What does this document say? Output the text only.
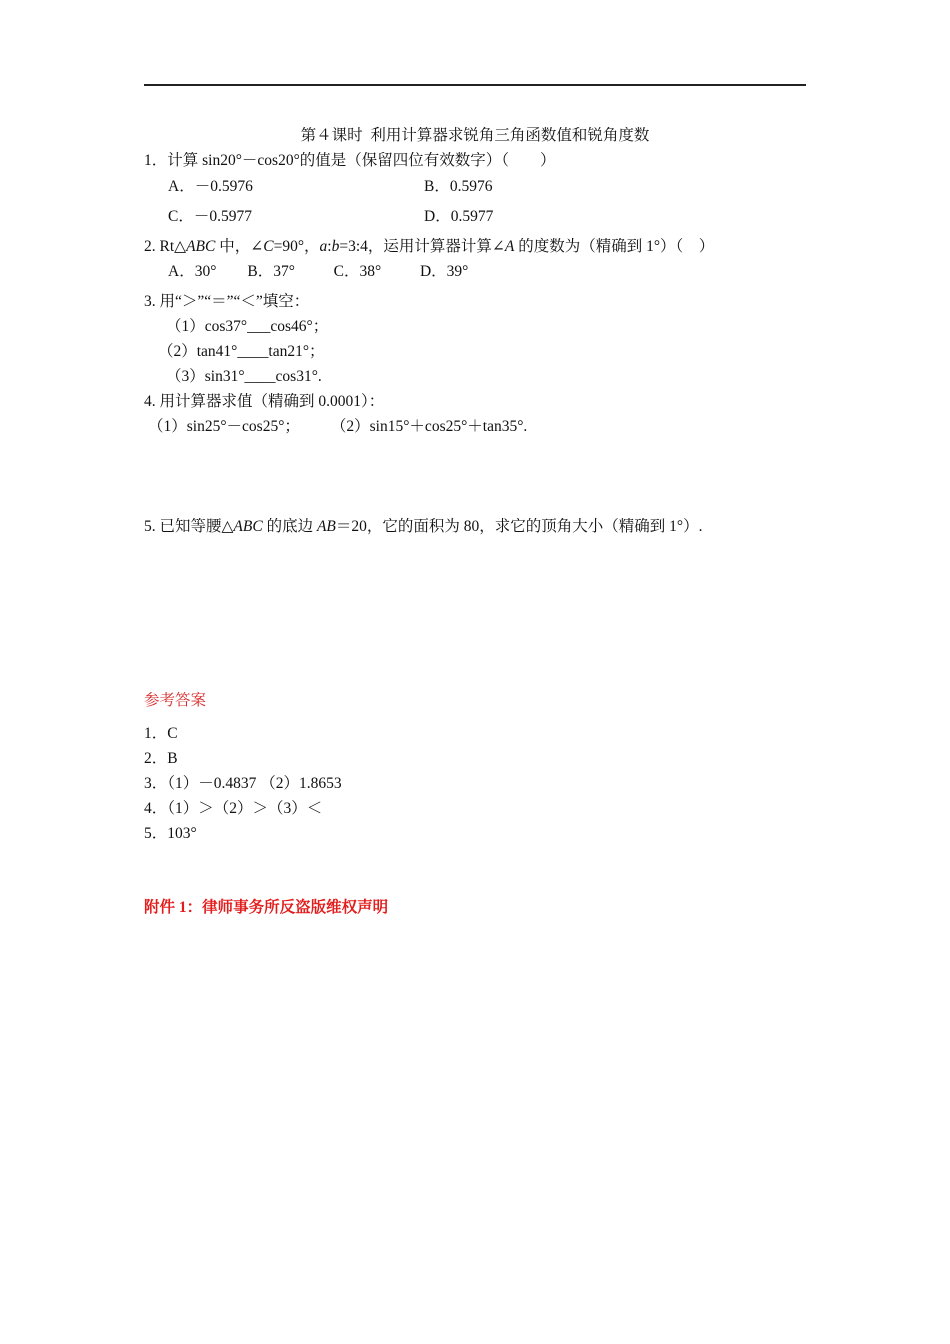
第４课时  利用计算器求锐角三角函数值和锐角度数
1．计算 sin20°－cos20°的值是（保留四位有效数字）（        ）
A．－0.5976	B．0.5976
C．－0.5977	D．0.5977
2. Rt△ABC 中，∠C=90°，a:b=3:4，运用计算器计算∠A 的度数为（精确到 1°）（    ）
A．30°        B．37°          C．38°          D．39°
3. 用“＞”“＝”“＜”填空：
（1）cos37°___cos46°；
（2）tan41°____tan21°；
（3）sin31°____cos31°.
4. 用计算器求值（精确到 0.0001）：
（1）sin25°－cos25°；        （2）sin15°＋cos25°＋tan35°.
5. 已知等腰△ABC 的底边 AB＝20，它的面积为 80，求它的顶角大小（精确到 1°）.
参考答案
1．C
2．B
3．（1）－0.4837 （2）1.8653
4．（1）＞（2）＞（3）＜
5．103°
附件 1：律师事务所反盗版维权声明
